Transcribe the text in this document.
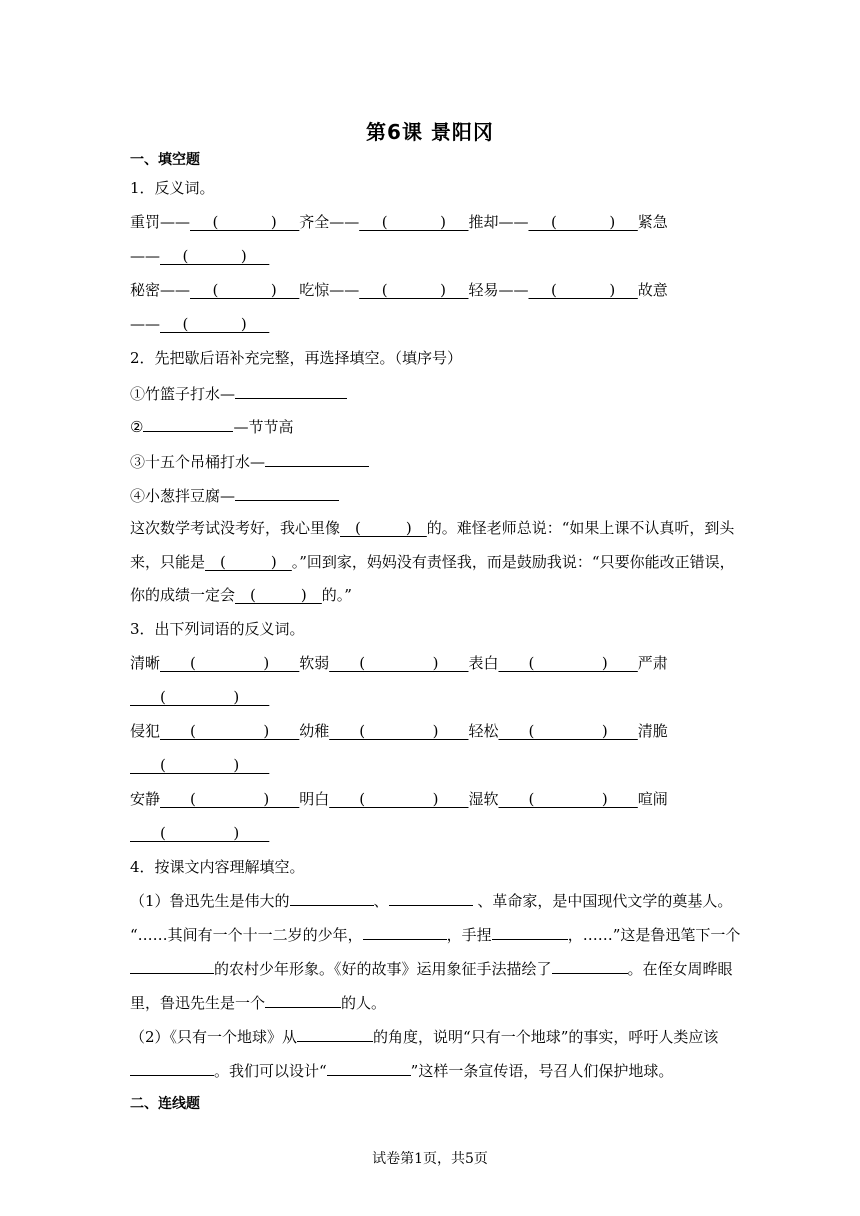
第6课 景阳冈
一、填空题
1．反义词。
重罚——___(_______)___齐全——___(_______)___推却——___(_______)___紧急
——___(_______)___
秘密——___(_______)___吃惊——___(_______)___轻易——___(_______)___故意
——___(_______)___
2．先把歇后语补充完整，再选择填空。（填序号）
①竹篮子打水—
②	—节节高
③十五个吊桶打水—
④小葱拌豆腐—
这次数学考试没考好，我心里像__(______)__的。难怪老师总说：“如果上课不认真听，到头
来，只能是__(______)__。”回到家，妈妈没有责怪我，而是鼓励我说：“只要你能改正错误，
你的成绩一定会__(______)__的。”
3．出下列词语的反义词。
清晰____(_________)____软弱____(_________)____表白____(_________)____严肃
____(_________)____
侵犯____(_________)____幼稚____(_________)____轻松____(_________)____清脆
____(_________)____
安静____(_________)____明白____(_________)____湿软____(_________)____喧闹
____(_________)____
4．按课文内容理解填空。
（1）鲁迅先生是伟大的	、	、革命家，是中国现代文学的奠基人。
“……其间有一个十一二岁的少年，	，手捏	，……”这是鲁迅笔下一个
的农村少年形象。《好的故事》运用象征手法描绘了	。在侄女周晔眼
里，鲁迅先生是一个	的人。
（2）《只有一个地球》从	的角度，说明“只有一个地球”的事实，呼吁人类应该
。我们可以设计“	”这样一条宣传语，号召人们保护地球。
二、连线题
试卷第1页，共5页
